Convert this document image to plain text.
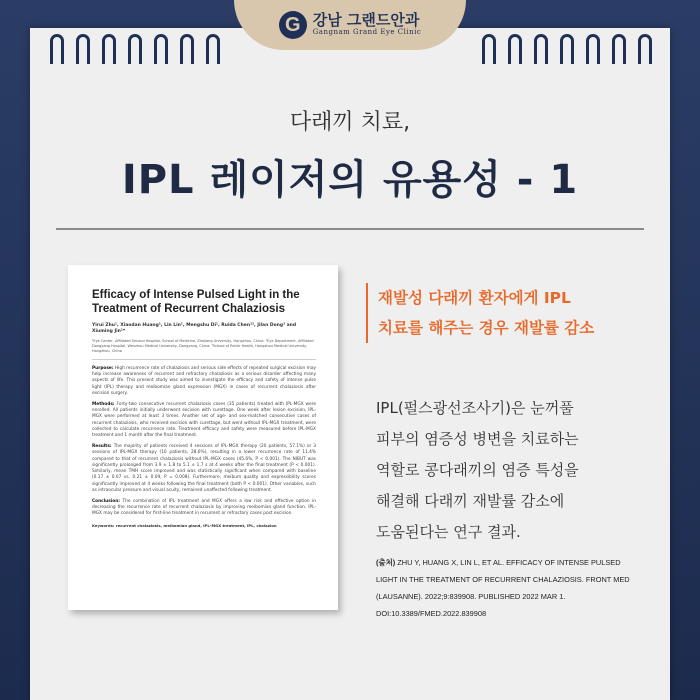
G 강남 그랜드안과
Gangnam Grand Eye Clinic
다래끼 치료,
IPL 레이저의 유용성 - 1
Efficacy of Intense Pulsed Light in the Treatment of Recurrent Chalaziosis
Yirui Zhu¹, Xiaodan Huang¹, Lin Lin¹, Mengshu Di¹, Ruida Chen¹², Jilan Dong³ and Xiuming Jin¹*
¹Eye Center, Affiliated Second Hospital, School of Medicine, Zhejiang University, Hangzhou, China. ²Eye Department, Affiliated Dongyang Hospital, Wenzhou Medical University, Dongyang, China. ³School of Public Health, Hangzhou Medical University, Hangzhou, China
Purpose: High recurrence rate of chalaziosis and serious side effects of repeated surgical excision may help increase awareness of recurrent and refractory chalaziosis as a serious disorder affecting many aspects of life. This present study was aimed to investigate the efficacy and safety of intense pulse light (IPL) therapy and meibomian gland expression (MGX) in cases of recurrent chalaziosis after excision surgery.
Methods: Forty-two consecutive recurrent chalaziosis cases (35 patients) treated with IPL-MGX were enrolled. All patients initially underwent excision with curettage. One week after lesion excision, IPL-MGX were performed at least 3 times. Another set of age- and sex-matched consecutive cases of recurrent chalaziosis, who received excision with curettage, but went without IPL-MGX treatment, were collected to calculate recurrence rate. Treatment efficacy and safety were measured before IPL-MGX treatment and 1 month after the final treatment.
Results: The majority of patients received 4 sessions of IPL-MGX therapy (20 patients, 57.1%) or 3 sessions of IPL-MGX therapy (10 patients, 28.6%), resulting in a lower recurrence rate of 11.4% compared to that of recurrent chalaziosis without IPL-MGX cases (45.6%, P < 0.001). The NIBUT was significantly prolonged from 3.9 ± 1.8 to 5.1 ± 1.7 s at 4 weeks after the final treatment (P < 0.001). Similarly, mean TMH score improved and was statistically significant when compared with baseline (0.17 ± 0.07 vs. 0.21 ± 0.09, P = 0.008). Furthermore, meibum quality and expressibility scores significantly improved at 4 weeks following the final treatment (both P < 0.001). Other variables, such as intraocular pressure and visual acuity, remained unaffected following treatment.
Conclusion: The combination of IPL treatment and MGX offers a low risk and effective option in decreasing the recurrence rate of recurrent chalaziosis by improving meibomian gland function. IPL-MGX may be considered for first-line treatment in recurrent or refractory cases post excision.
Keywords: recurrent chalaziosis, meibomian gland, IPL-MGX treatment, IPL, chalazion
재발성 다래끼 환자에게 IPL
치료를 해주는 경우 재발률 감소
IPL(펄스광선조사기)은 눈꺼풀
피부의 염증성 병변을 치료하는
역할로 콩다래끼의 염증 특성을
해결해 다래끼 재발률 감소에
도움된다는 연구 결과.
(출처) ZHU Y, HUANG X, LIN L, ET AL. EFFICACY OF INTENSE PULSED LIGHT IN THE TREATMENT OF RECURRENT CHALAZIOSIS. FRONT MED (LAUSANNE). 2022;9:839908. PUBLISHED 2022 MAR 1. DOI:10.3389/FMED.2022.839908
